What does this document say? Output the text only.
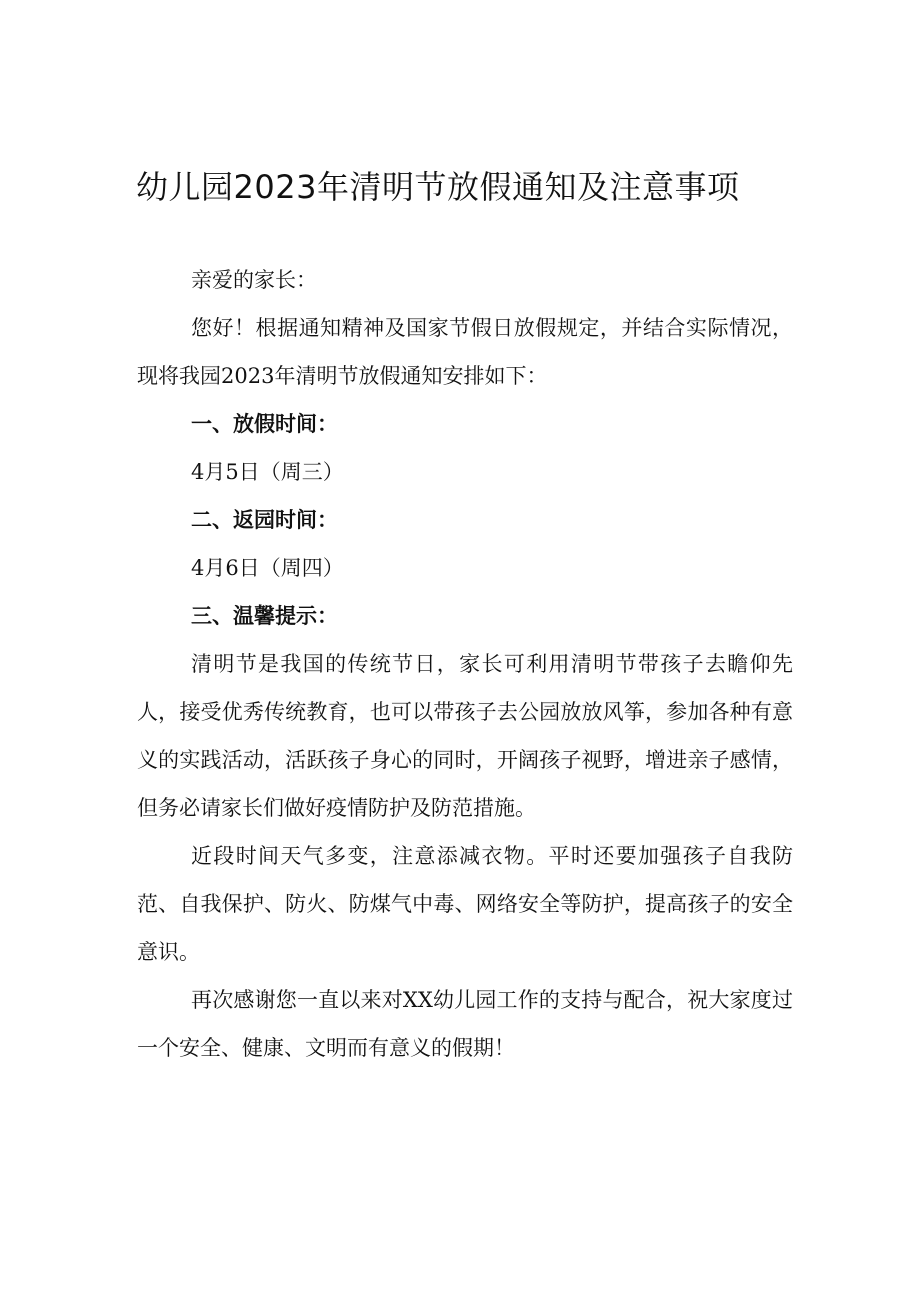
幼儿园2023年清明节放假通知及注意事项

亲爱的家长：

您好！根据通知精神及国家节假日放假规定，并结合实际情况，现将我园2023年清明节放假通知安排如下：

一、放假时间：

4月5日（周三）

二、返园时间：

4月6日（周四）

三、温馨提示：

清明节是我国的传统节日，家长可利用清明节带孩子去瞻仰先人，接受优秀传统教育，也可以带孩子去公园放放风筝，参加各种有意义的实践活动，活跃孩子身心的同时，开阔孩子视野，增进亲子感情，但务必请家长们做好疫情防护及防范措施。

近段时间天气多变，注意添减衣物。平时还要加强孩子自我防范、自我保护、防火、防煤气中毒、网络安全等防护，提高孩子的安全意识。

再次感谢您一直以来对XX幼儿园工作的支持与配合，祝大家度过一个安全、健康、文明而有意义的假期！
